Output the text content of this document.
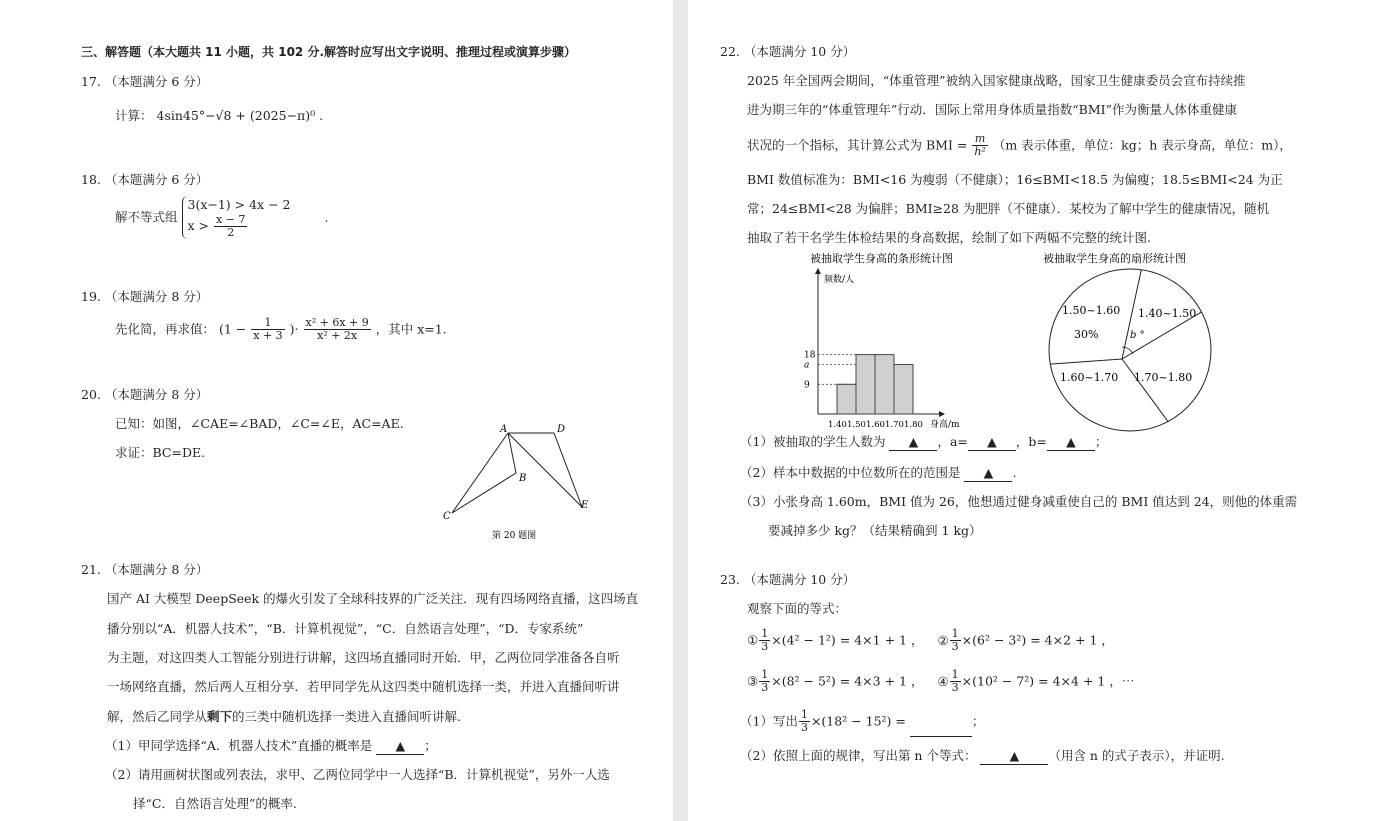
三、解答题（本大题共 11 小题，共 102 分.解答时应写出文字说明、推理过程或演算步骤）
17. （本题满分 6 分）
计算： 4sin45°−√8 + (2025−π)⁰ .
18. （本题满分 6 分）
解不等式组
3(x−1) > 4x − 2
$x > \frac{x - 7}{2}$	.
19. （本题满分 8 分）
先化简，再求值： ($1 - \frac{1}{x + 3}$ )· $\frac{\text{x² + 6x + 9}}{\text{x² + 2x}}$ ，其中 x=1.
20. （本题满分 8 分）
已知：如图，∠CAE=∠BAD，∠C=∠E，AC=AE.
求证：BC=DE.
A	D
B
C
E
第 20 题图
21. （本题满分 8 分）
国产 AI 大模型 DeepSeek 的爆火引发了全球科技界的广泛关注．现有四场网络直播，这四场直
播分别以“A．机器人技术”，“B．计算机视觉”，“C．自然语言处理”，“D．专家系统”
为主题，对这四类人工智能分别进行讲解，这四场直播同时开始．甲，乙两位同学准备各自听
一场网络直播，然后两人互相分享．若甲同学先从这四类中随机选择一类，并进入直播间听讲
解，然后乙同学从剩下的三类中随机选择一类进入直播间听讲解.
（1）甲同学选择“A．机器人技术”直播的概率是 ▲ ；
（2）请用画树状图或列表法，求甲、乙两位同学中一人选择“B．计算机视觉”，另外一人选
择“C．自然语言处理”的概率.
22. （本题满分 10 分）
2025 年全国两会期间，“体重管理”被纳入国家健康战略，国家卫生健康委员会宣布持续推
进为期三年的“体重管理年”行动．国际上常用身体质量指数“BMI”作为衡量人体体重健康
状况的一个指标，其计算公式为 BMI = $\frac{m}{\text{h²}} (m$ 表示体重，单位：kg；h 表示身高，单位：m），
BMI 数值标准为：BMI<16 为瘦弱（不健康）；16≤BMI<18.5 为偏瘦；18.5≤BMI<24 为正
常；24≤BMI<28 为偏胖；BMI≥28 为肥胖（不健康）．某校为了解中学生的健康情况，随机
抽取了若干名学生体检结果的身高数据，绘制了如下两幅不完整的统计图.
被抽取学生身高的条形统计图
频数/人
身高/m
9
a
18
1.40 1.50 1.60 1.70 1.80
被抽取学生身高的扇形统计图
1.40~1.50
b °
1.50~1.60
30%
1.60~1.70 1.70~1.80
（1）被抽取的学生人数为 ▲ ，a= ▲ ，b= ▲ ；
（2）样本中数据的中位数所在的范围是 ▲ .
（3）小张身高 1.60m，BMI 值为 26，他想通过健身减重使自己的 BMI 值达到 24，则他的体重需
要减掉多少 kg？（结果精确到 1 kg）
23. （本题满分 10 分）
观察下面的等式：
① $\frac{1}{3} \times(4^2 - 1^2) = 4\times 1 + 1$ ， ② $\frac{1}{3} \times(6^2 - 3^2) = 4\times 2 + 1$ ，
③ $\frac{1}{3} \times(8^2 - 5^2) = 4\times 3 + 1$ ， ④ $\frac{1}{3} \times(10^2 - 7^2) = 4\times 4 + 1$ ，⋯
（1）写出 $\frac{1}{3} \times(18^2 - 15^2)$ =	；
（2）依照上面的规律，写出第 n 个等式：	▲ （用含 n 的式子表示），并证明.
